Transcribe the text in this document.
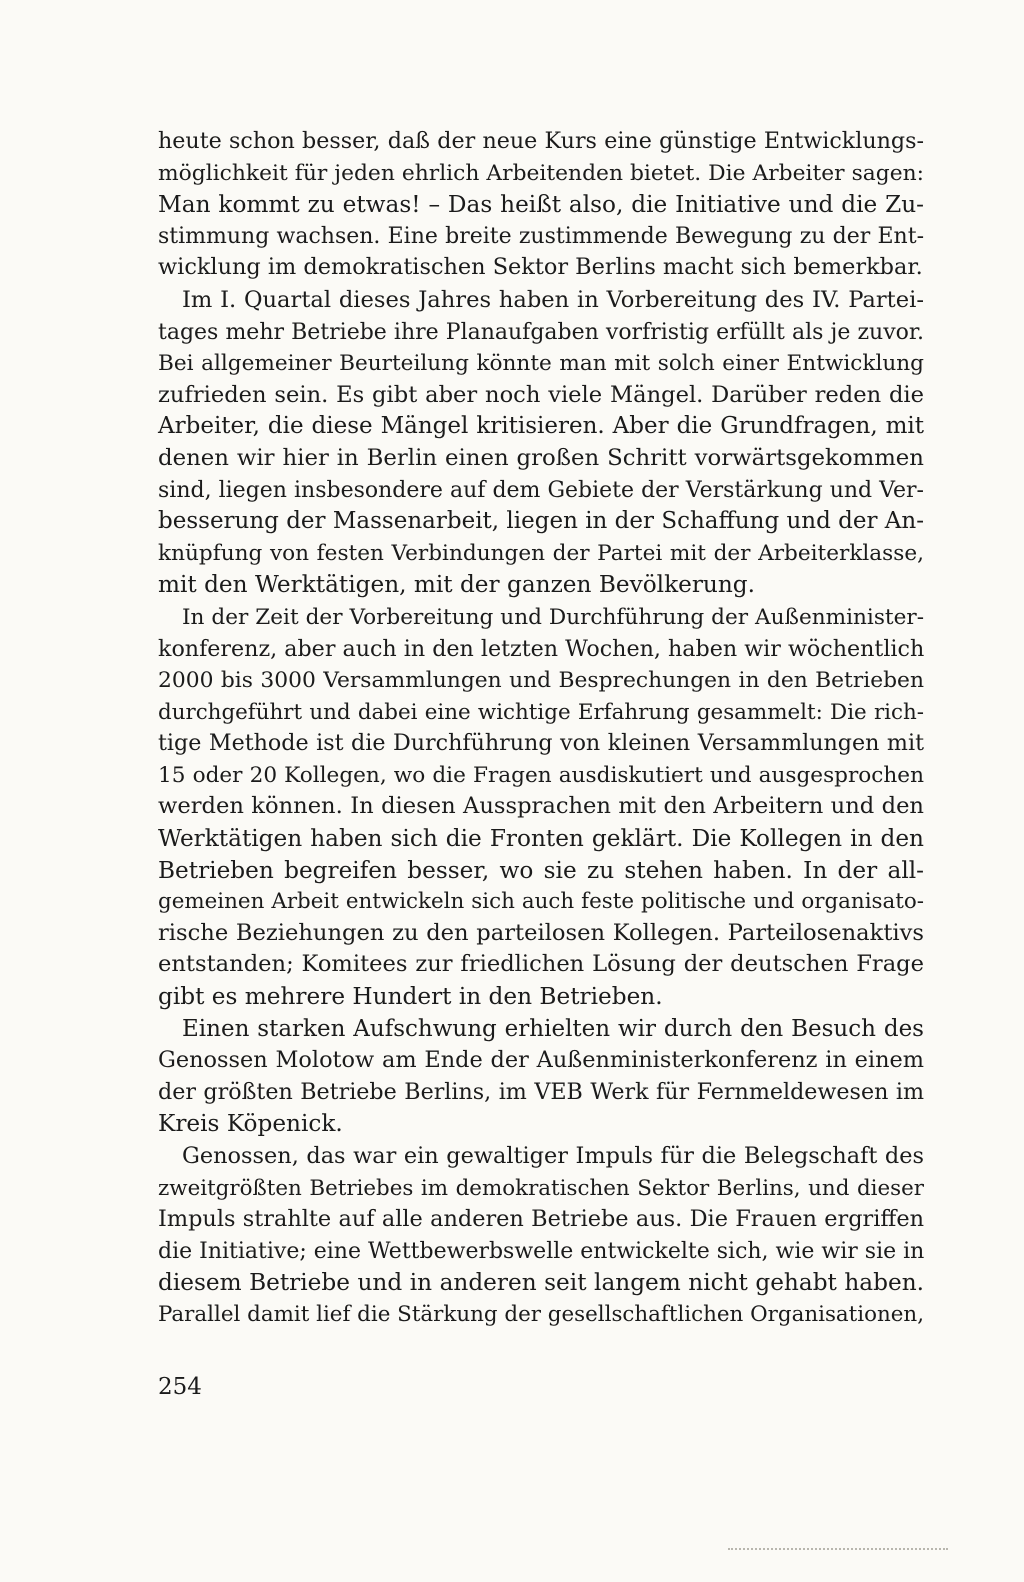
heute schon besser, daß der neue Kurs eine günstige Entwicklungs-
möglichkeit für jeden ehrlich Arbeitenden bietet. Die Arbeiter sagen:
Man kommt zu etwas! – Das heißt also, die Initiative und die Zu-
stimmung wachsen. Eine breite zustimmende Bewegung zu der Ent-
wicklung im demokratischen Sektor Berlins macht sich bemerkbar.
Im I. Quartal dieses Jahres haben in Vorbereitung des IV. Partei-
tages mehr Betriebe ihre Planaufgaben vorfristig erfüllt als je zuvor.
Bei allgemeiner Beurteilung könnte man mit solch einer Entwicklung
zufrieden sein. Es gibt aber noch viele Mängel. Darüber reden die
Arbeiter, die diese Mängel kritisieren. Aber die Grundfragen, mit
denen wir hier in Berlin einen großen Schritt vorwärtsgekommen
sind, liegen insbesondere auf dem Gebiete der Verstärkung und Ver-
besserung der Massenarbeit, liegen in der Schaffung und der An-
knüpfung von festen Verbindungen der Partei mit der Arbeiterklasse,
mit den Werktätigen, mit der ganzen Bevölkerung.
In der Zeit der Vorbereitung und Durchführung der Außenminister-
konferenz, aber auch in den letzten Wochen, haben wir wöchentlich
2000 bis 3000 Versammlungen und Besprechungen in den Betrieben
durchgeführt und dabei eine wichtige Erfahrung gesammelt: Die rich-
tige Methode ist die Durchführung von kleinen Versammlungen mit
15 oder 20 Kollegen, wo die Fragen ausdiskutiert und ausgesprochen
werden können. In diesen Aussprachen mit den Arbeitern und den
Werktätigen haben sich die Fronten geklärt. Die Kollegen in den
Betrieben begreifen besser, wo sie zu stehen haben. In der all-
gemeinen Arbeit entwickeln sich auch feste politische und organisato-
rische Beziehungen zu den parteilosen Kollegen. Parteilosenaktivs
entstanden; Komitees zur friedlichen Lösung der deutschen Frage
gibt es mehrere Hundert in den Betrieben.
Einen starken Aufschwung erhielten wir durch den Besuch des
Genossen Molotow am Ende der Außenministerkonferenz in einem
der größten Betriebe Berlins, im VEB Werk für Fernmeldewesen im
Kreis Köpenick.
Genossen, das war ein gewaltiger Impuls für die Belegschaft des
zweitgrößten Betriebes im demokratischen Sektor Berlins, und dieser
Impuls strahlte auf alle anderen Betriebe aus. Die Frauen ergriffen
die Initiative; eine Wettbewerbswelle entwickelte sich, wie wir sie in
diesem Betriebe und in anderen seit langem nicht gehabt haben.
Parallel damit lief die Stärkung der gesellschaftlichen Organisationen,
254
